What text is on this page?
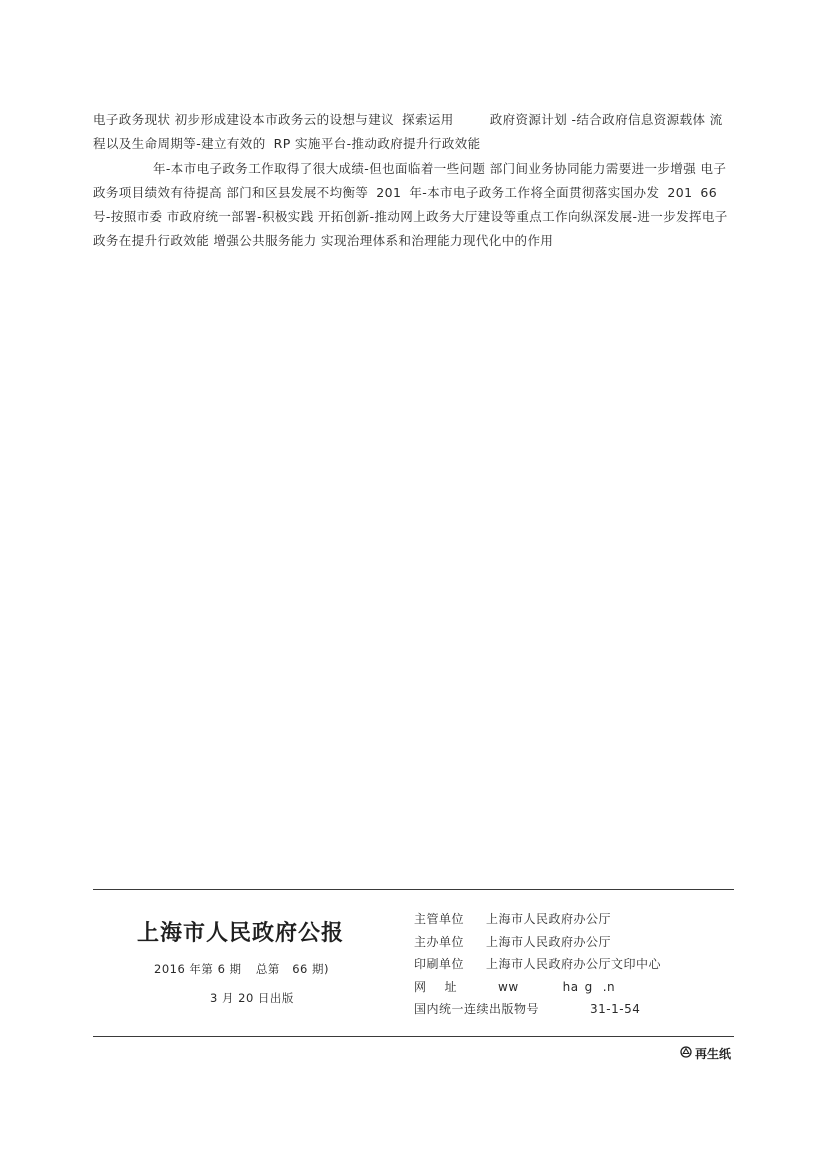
电子政务现状 初步形成建设本市政务云的设想与建议 探索运用	政府资源计划 -结合政府信息资源载体 流程以及生命周期等-建立有效的 RP 实施平台-推动政府提升行政效能

年-本市电子政务工作取得了很大成绩-但也面临着一些问题 部门间业务协同能力需要进一步增强 电子政务项目绩效有待提高 部门和区县发展不均衡等 201 年-本市电子政务工作将全面贯彻落实国办发 201 66 号-按照市委 市政府统一部署-积极实践 开拓创新-推动网上政务大厅建设等重点工作向纵深发展-进一步发挥电子政务在提升行政效能 增强公共服务能力 实现治理体系和治理能力现代化中的作用

上海市人民政府公报
2016 年第 6 期 总第 66 期)
3 月 20 日出版
主管单位 上海市人民政府办公厅
主办单位 上海市人民政府办公厅
印刷单位 上海市人民政府办公厅文印中心
网 址	ww	ha g .n
国内统一连续出版物号	31-1-54
再生纸
